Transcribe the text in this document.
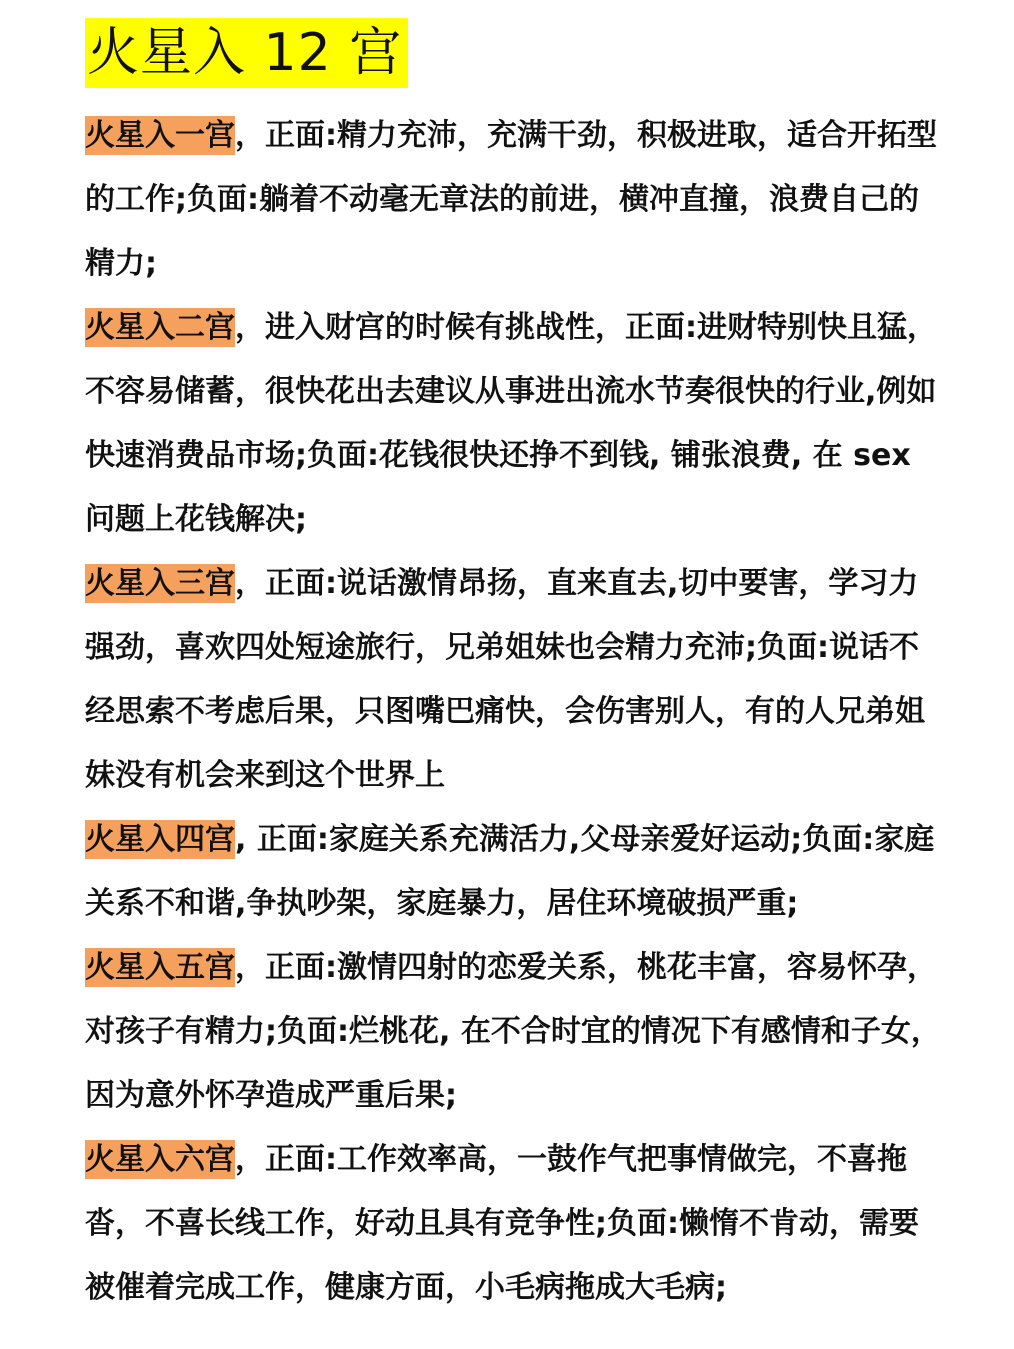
火星入 12 宫

火星入一宫，正面:精力充沛，充满干劲，积极进取，适合开拓型的工作;负面:躺着不动毫无章法的前进，横冲直撞，浪费自己的精力;

火星入二宫，进入财宫的时候有挑战性，正面:进财特别快且猛，不容易储蓄，很快花出去建议从事进出流水节奏很快的行业,例如快速消费品市场;负面:花钱很快还挣不到钱, 铺张浪费, 在 sex 问题上花钱解决;

火星入三宫，正面:说话激情昂扬，直来直去,切中要害，学习力强劲，喜欢四处短途旅行，兄弟姐妹也会精力充沛;负面:说话不经思索不考虑后果，只图嘴巴痛快，会伤害别人，有的人兄弟姐妹没有机会来到这个世界上

火星入四宫, 正面:家庭关系充满活力,父母亲爱好运动;负面:家庭关系不和谐,争执吵架，家庭暴力，居住环境破损严重;

火星入五宫，正面:激情四射的恋爱关系，桃花丰富，容易怀孕，对孩子有精力;负面:烂桃花, 在不合时宜的情况下有感情和子女，因为意外怀孕造成严重后果;

火星入六宫，正面:工作效率高，一鼓作气把事情做完，不喜拖沓，不喜长线工作，好动且具有竞争性;负面:懒惰不肯动，需要被催着完成工作，健康方面，小毛病拖成大毛病;
